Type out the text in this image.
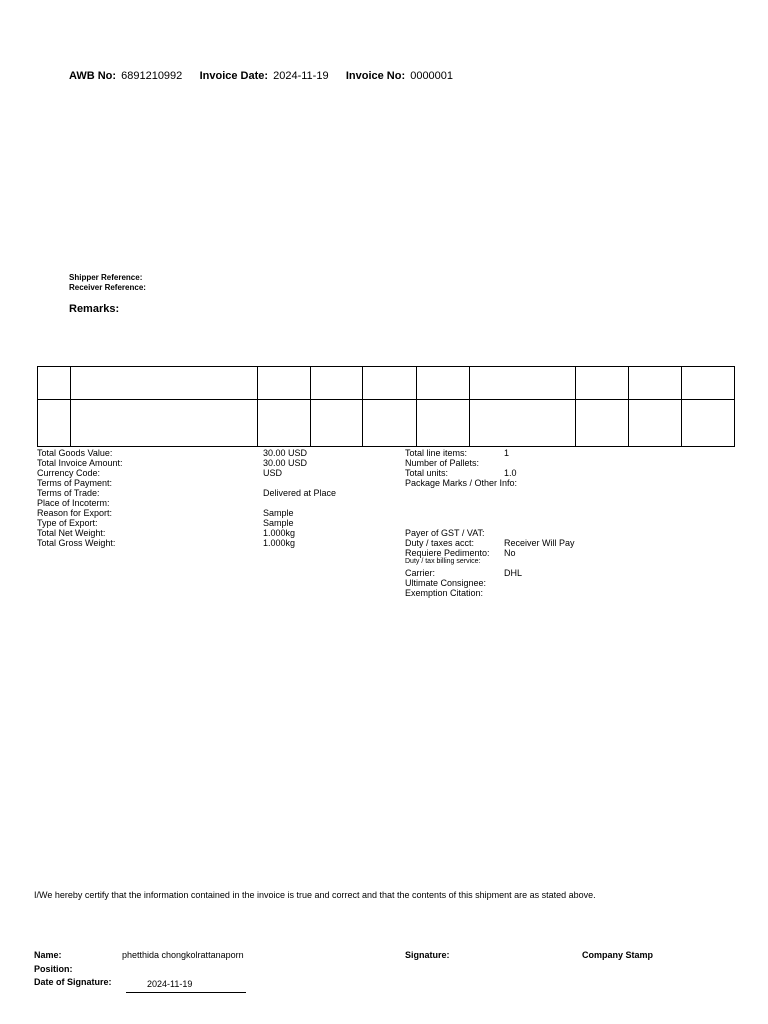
AWB No: 6891210992 Invoice Date: 2024-11-19 Invoice No: 0000001
Shipper Reference:
Receiver Reference:
Remarks:

Total Goods Value:	30.00 USD
Total Invoice Amount:	30.00 USD
Currency Code:	USD
Terms of Payment:
Terms of Trade:	Delivered at Place
Place of Incoterm:
Reason for Export:	Sample
Type of Export:	Sample
Total Net Weight:	1.000kg
Total Gross Weight:	1.000kg
Total line items:	1
Number of Pallets:
Total units:	1.0
Package Marks / Other Info:
Payer of GST / VAT:
Duty / taxes acct:	Receiver Will Pay
Requiere Pedimento: No
Duty / tax billing service:
Carrier:	DHL
Ultimate Consignee:
Exemption Citation:
I/We hereby certify that the information contained in the invoice is true and correct and that the contents of this shipment are as stated above.
Name:	phetthida chongkolrattanaporn
Position:
Date of Signature:	2024-11-19
Signature:	Company Stamp
